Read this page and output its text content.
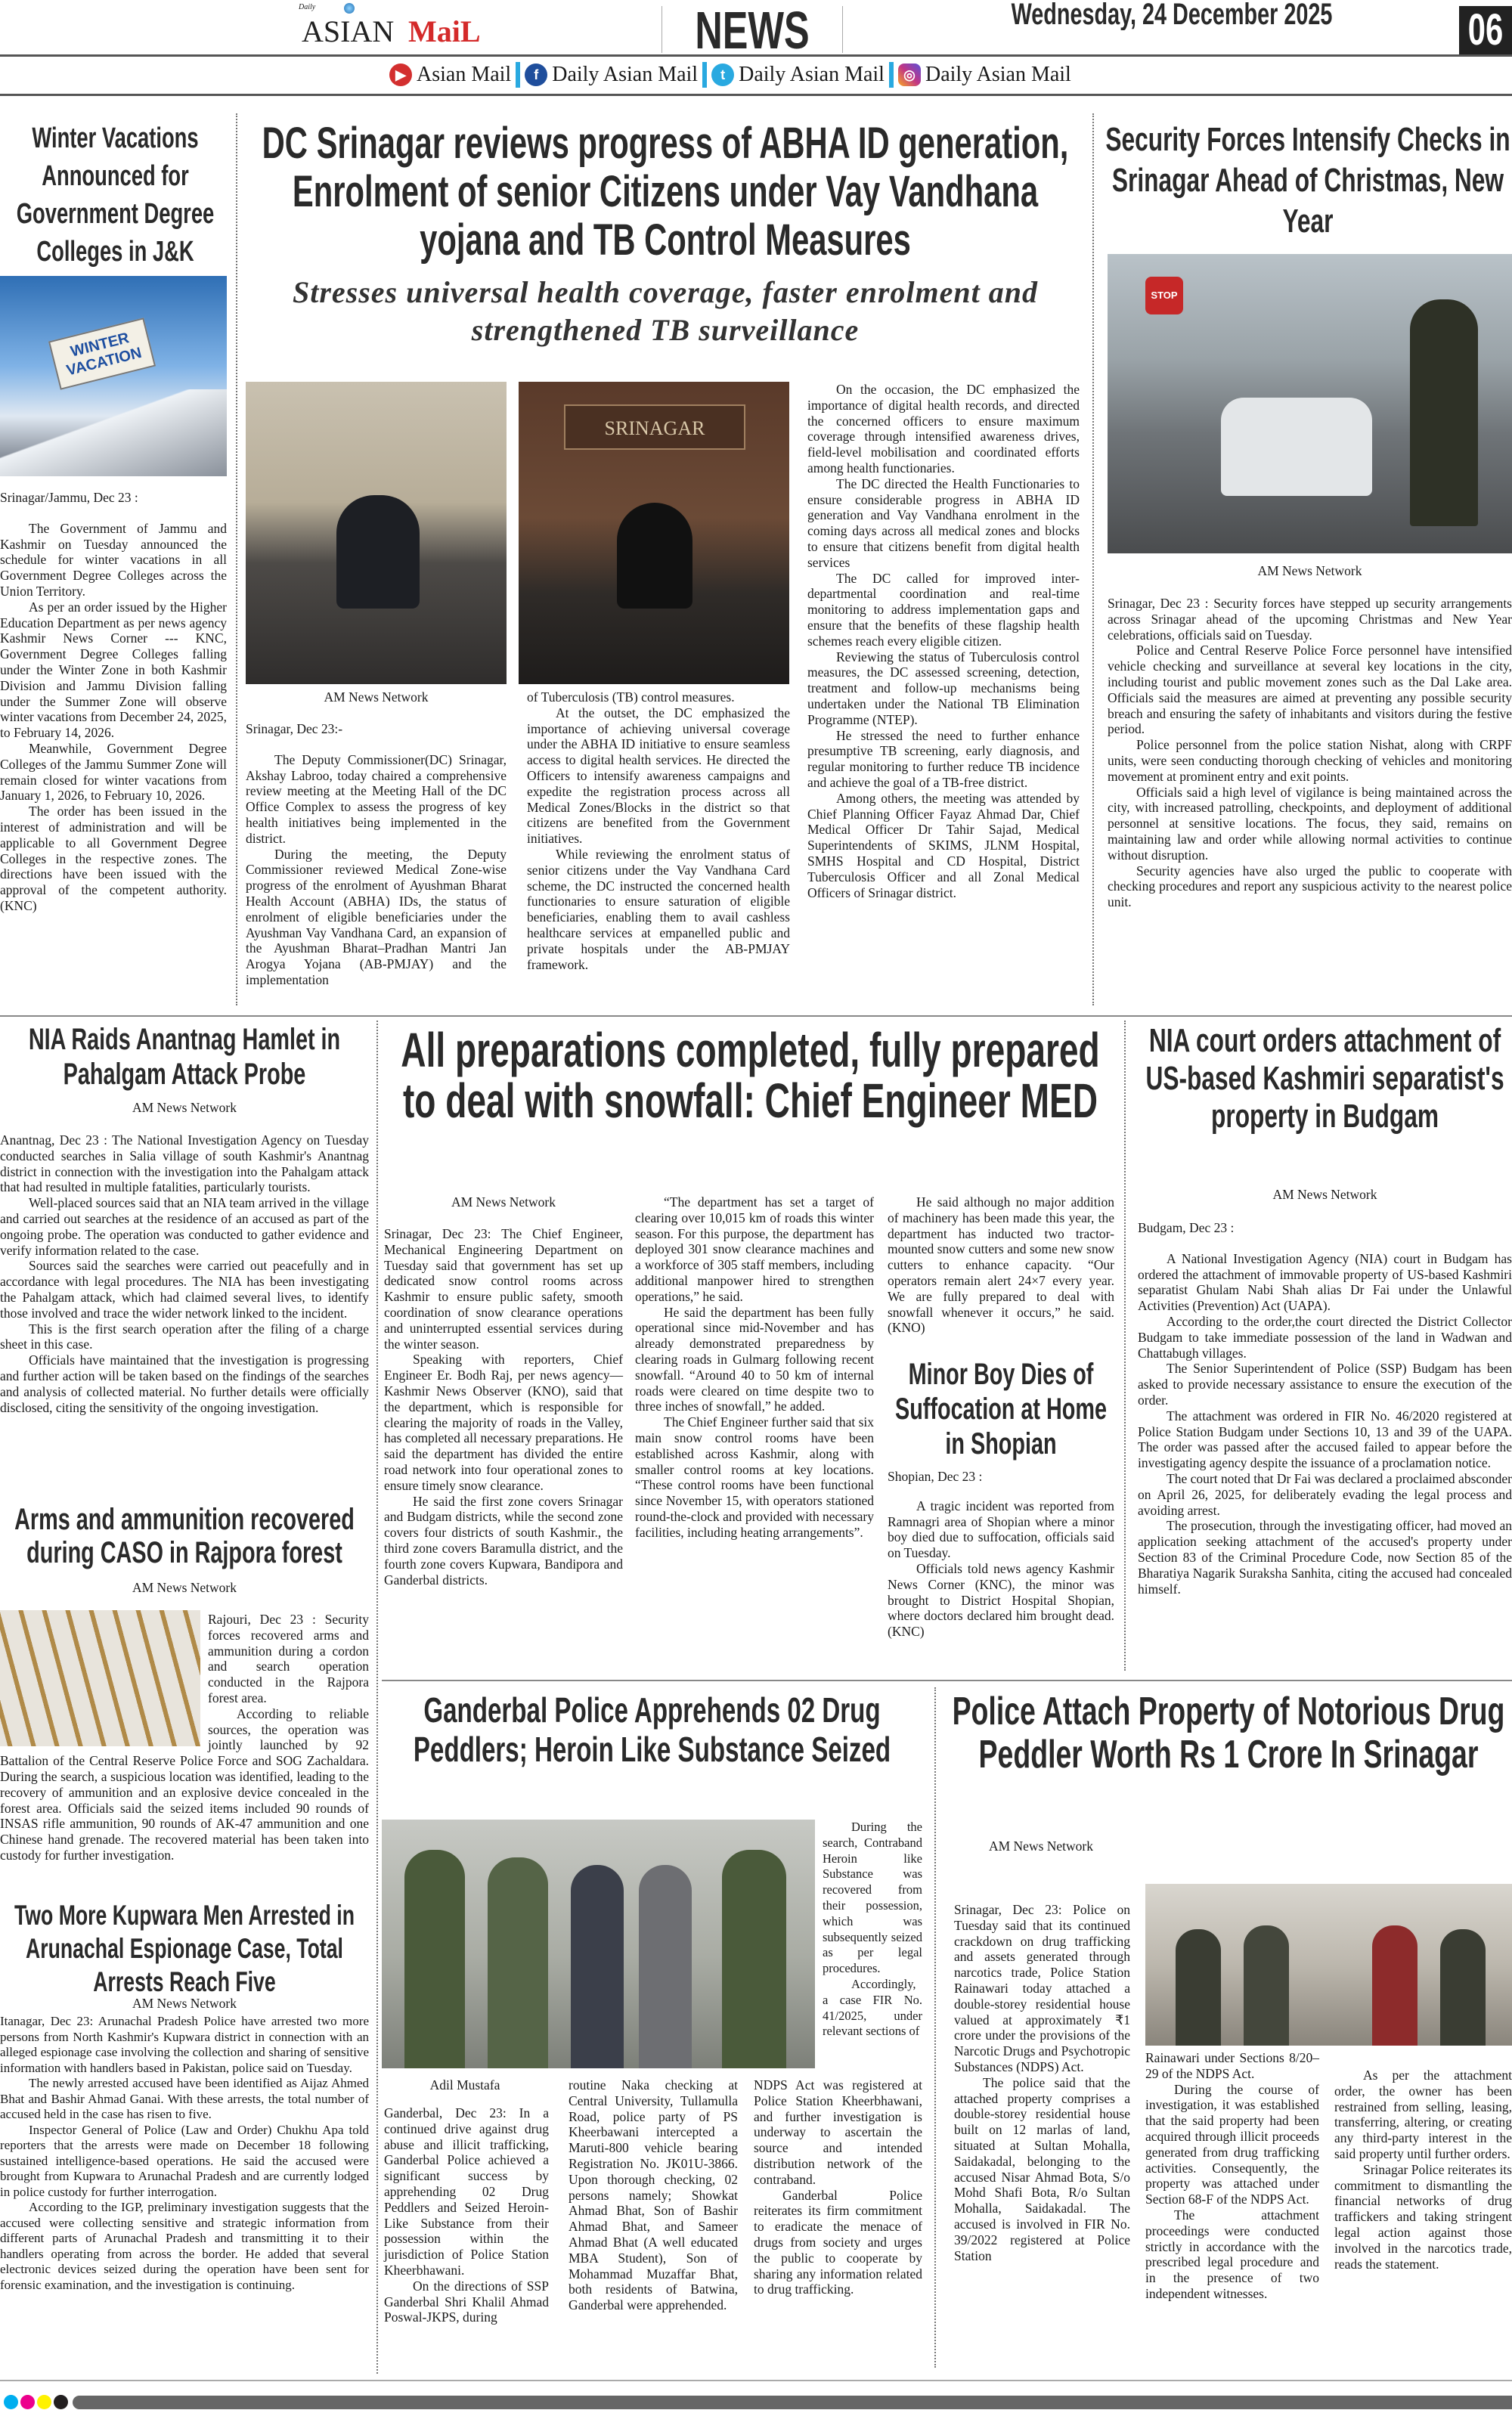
Daily
ASIAN MaiL	NEWS	Wednesday, 24 December 2025	06
▶ Asian Mail	f Daily Asian Mail	t Daily Asian Mail	◎ Daily Asian Mail
Winter Vacations Announced for Government Degree Colleges in J&K
WINTER VACATION

Srinagar/Jammu, Dec 23 :

The Government of Jammu and Kashmir on Tuesday announced the schedule for winter vacations in all Government Degree Colleges across the Union Territory.

As per an order issued by the Higher Education Department as per news agency Kashmir News Corner --- KNC, Government Degree Colleges falling under the Winter Zone in both Kashmir Division and Jammu Division falling under the Summer Zone will observe winter vacations from December 24, 2025, to February 14, 2026.

Meanwhile, Government Degree Colleges of the Jammu Summer Zone will remain closed for winter vacations from January 1, 2026, to February 10, 2026.

The order has been issued in the interest of administration and will be applicable to all Government Degree Colleges in the respective zones. The directions have been issued with the approval of the competent authority. (KNC)

DC Srinagar reviews progress of ABHA ID generation, Enrolment of senior Citizens under Vay Vandhana yojana and TB Control Measures
Stresses universal health coverage, faster enrolment and strengthened TB surveillance
SRINAGAR
AM News Network

Srinagar, Dec 23:-

The Deputy Commissioner(DC) Srinagar, Akshay Labroo, today chaired a comprehensive review meeting at the Meeting Hall of the DC Office Complex to assess the progress of key health initiatives being implemented in the district.

During the meeting, the Deputy Commissioner reviewed Medical Zone-wise progress of the enrolment of Ayushman Bharat Health Account (ABHA) IDs, the status of enrolment of eligible beneficiaries under the Ayushman Vay Vandhana Card, an expansion of the Ayushman Bharat–Pradhan Mantri Jan Arogya Yojana (AB-PMJAY) and the implementation

of Tuberculosis (TB) control measures.

At the outset, the DC emphasized the importance of achieving universal coverage under the ABHA ID initiative to ensure seamless access to digital health services. He directed the Officers to intensify awareness campaigns and expedite the registration process across all Medical Zones/Blocks in the district so that citizens are benefited from the Government initiatives.

While reviewing the enrolment status of senior citizens under the Vay Vandhana Card scheme, the DC instructed the concerned health functionaries to ensure saturation of eligible beneficiaries, enabling them to avail cashless healthcare services at empanelled public and private hospitals under the AB-PMJAY framework.

On the occasion, the DC emphasized the importance of digital health records, and directed the concerned officers to ensure maximum coverage through intensified awareness drives, field-level mobilisation and coordinated efforts among health functionaries.

The DC directed the Health Functionaries to ensure considerable progress in ABHA ID generation and Vay Vandhana enrolment in the coming days across all medical zones and blocks to ensure that citizens benefit from digital health services

The DC called for improved inter-departmental coordination and real-time monitoring to address implementation gaps and ensure that the benefits of these flagship health schemes reach every eligible citizen.

Reviewing the status of Tuberculosis control measures, the DC assessed screening, detection, treatment and follow-up mechanisms being undertaken under the National TB Elimination Programme (NTEP).

He stressed the need to further enhance presumptive TB screening, early diagnosis, and regular monitoring to further reduce TB incidence and achieve the goal of a TB-free district.

Among others, the meeting was attended by Chief Planning Officer Fayaz Ahmad Dar, Chief Medical Officer Dr Tahir Sajad, Medical Superintendents of SKIMS, JLNM Hospital, SMHS Hospital and CD Hospital, District Tuberculosis Officer and all Zonal Medical Officers of Srinagar district.

Security Forces Intensify Checks in Srinagar Ahead of Christmas, New Year
STOP
AM News Network

Srinagar, Dec 23 : Security forces have stepped up security arrangements across Srinagar ahead of the upcoming Christmas and New Year celebrations, officials said on Tuesday.

Police and Central Reserve Police Force personnel have intensified vehicle checking and surveillance at several key locations in the city, including tourist and public movement zones such as the Dal Lake area. Officials said the measures are aimed at preventing any possible security breach and ensuring the safety of inhabitants and visitors during the festive period.

Police personnel from the police station Nishat, along with CRPF units, were seen conducting thorough checking of vehicles and monitoring movement at prominent entry and exit points.

Officials said a high level of vigilance is being maintained across the city, with increased patrolling, checkpoints, and deployment of additional personnel at sensitive locations. The focus, they said, remains on maintaining law and order while allowing normal activities to continue without disruption.

Security agencies have also urged the public to cooperate with checking procedures and report any suspicious activity to the nearest police unit.

NIA Raids Anantnag Hamlet in Pahalgam Attack Probe
AM News Network

Anantnag, Dec 23 : The National Investigation Agency on Tuesday conducted searches in Salia village of south Kashmir's Anantnag district in connection with the investigation into the Pahalgam attack that had resulted in multiple fatalities, particularly tourists.

Well-placed sources said that an NIA team arrived in the village and carried out searches at the residence of an accused as part of the ongoing probe. The operation was conducted to gather evidence and verify information related to the case.

Sources said the searches were carried out peacefully and in accordance with legal procedures. The NIA has been investigating the Pahalgam attack, which had claimed several lives, to identify those involved and trace the wider network linked to the incident.

This is the first search operation after the filing of a charge sheet in this case.

Officials have maintained that the investigation is progressing and further action will be taken based on the findings of the searches and analysis of collected material. No further details were officially disclosed, citing the sensitivity of the ongoing investigation.

Arms and ammunition recovered during CASO in Rajpora forest
AM News Network

Rajouri, Dec 23 : Security forces recovered arms and ammunition during a cordon and search operation conducted in the Rajpora forest area.

According to reliable sources, the operation was jointly launched by 92 Battalion of the Central Reserve Police Force and SOG Zachaldara. During the search, a suspicious location was identified, leading to the recovery of ammunition and an explosive device concealed in the forest area. Officials said the seized items included 90 rounds of INSAS rifle ammunition, 90 rounds of AK-47 ammunition and one Chinese hand grenade. The recovered material has been taken into custody for further investigation.

Two More Kupwara Men Arrested in Arunachal Espionage Case, Total Arrests Reach Five
AM News Network

Itanagar, Dec 23: Arunachal Pradesh Police have arrested two more persons from North Kashmir's Kupwara district in connection with an alleged espionage case involving the collection and sharing of sensitive information with handlers based in Pakistan, police said on Tuesday.

The newly arrested accused have been identified as Aijaz Ahmed Bhat and Bashir Ahmad Ganai. With these arrests, the total number of accused held in the case has risen to five.

Inspector General of Police (Law and Order) Chukhu Apa told reporters that the arrests were made on December 18 following sustained intelligence-based operations. He said the accused were brought from Kupwara to Arunachal Pradesh and are currently lodged in police custody for further interrogation.

According to the IGP, preliminary investigation suggests that the accused were collecting sensitive and strategic information from different parts of Arunachal Pradesh and transmitting it to their handlers operating from across the border. He added that several electronic devices seized during the operation have been sent for forensic examination, and the investigation is continuing.

All preparations completed, fully prepared to deal with snowfall: Chief Engineer MED
AM News Network

Srinagar, Dec 23: The Chief Engineer, Mechanical Engineering Department on Tuesday said that government has set up dedicated snow control rooms across Kashmir to ensure public safety, smooth coordination of snow clearance operations and uninterrupted essential services during the winter season.

Speaking with reporters, Chief Engineer Er. Bodh Raj, per news agency—Kashmir News Observer (KNO), said that the department, which is responsible for clearing the majority of roads in the Valley, has completed all necessary preparations. He said the department has divided the entire road network into four operational zones to ensure timely snow clearance.

He said the first zone covers Srinagar and Budgam districts, while the second zone covers four districts of south Kashmir., the third zone covers Baramulla district, and the fourth zone covers Kupwara, Bandipora and Ganderbal districts.

“The department has set a target of clearing over 10,015 km of roads this winter season. For this purpose, the department has deployed 301 snow clearance machines and a workforce of 305 staff members, including additional manpower hired to strengthen operations,” he said.

He said the department has been fully operational since mid-November and has already demonstrated preparedness by clearing roads in Gulmarg following recent snowfall. “Around 40 to 50 km of internal roads were cleared on time despite two to three inches of snowfall,” he added.

The Chief Engineer further said that six main snow control rooms have been established across Kashmir, along with smaller control rooms at key locations. “These control rooms have been functional since November 15, with operators stationed round-the-clock and provided with necessary facilities, including heating arrangements”.

He said although no major addition of machinery has been made this year, the department has inducted two tractor-mounted snow cutters and some new snow cutters to enhance capacity. “Our operators remain alert 24×7 every year. We are fully prepared to deal with snowfall whenever it occurs,” he said. (KNO)

Minor Boy Dies of Suffocation at Home in Shopian

Shopian, Dec 23 :

A tragic incident was reported from Ramnagri area of Shopian where a minor boy died due to suffocation, officials said on Tuesday.

Officials told news agency Kashmir News Corner (KNC), the minor was brought to District Hospital Shopian, where doctors declared him brought dead. (KNC)

NIA court orders attachment of US-based Kashmiri separatist's property in Budgam
AM News Network

Budgam, Dec 23 :

A National Investigation Agency (NIA) court in Budgam has ordered the attachment of immovable property of US-based Kashmiri separatist Ghulam Nabi Shah alias Dr Fai under the Unlawful Activities (Prevention) Act (UAPA).

According to the order,the court directed the District Collector Budgam to take immediate possession of the land in Wadwan and Chattabugh villages.

The Senior Superintendent of Police (SSP) Budgam has been asked to provide necessary assistance to ensure the execution of the order.

The attachment was ordered in FIR No. 46/2020 registered at Police Station Budgam under Sections 10, 13 and 39 of the UAPA. The order was passed after the accused failed to appear before the investigating agency despite the issuance of a proclamation notice.

The court noted that Dr Fai was declared a proclaimed absconder on April 26, 2025, for deliberately evading the legal process and avoiding arrest.

The prosecution, through the investigating officer, had moved an application seeking attachment of the accused's property under Section 83 of the Criminal Procedure Code, now Section 85 of the Bharatiya Nagarik Suraksha Sanhita, citing the accused had concealed himself.

Ganderbal Police Apprehends 02 Drug Peddlers; Heroin Like Substance Seized

During the search, Contraband Heroin like Substance was recovered from their possession, which was subsequently seized as per legal procedures.

Accordingly, a case FIR No. 41/2025, under relevant sections of

Adil Mustafa

Ganderbal, Dec 23: In a continued drive against drug abuse and illicit trafficking, Ganderbal Police achieved a significant success by apprehending 02 Drug Peddlers and Seized Heroin-Like Substance from their possession within the jurisdiction of Police Station Kheerbhawani.

On the directions of SSP Ganderbal Shri Khalil Ahmad Poswal-JKPS, during

routine Naka checking at Central University, Tullamulla Road, police party of PS Kheerbawani intercepted a Maruti-800 vehicle bearing Registration No. JK01U-3866. Upon thorough checking, 02 persons namely; Showkat Ahmad Bhat, Son of Bashir Ahmad Bhat, and Sameer Ahmad Bhat (A well educated MBA Student), Son of Mohammad Muzaffar Bhat, both residents of Batwina, Ganderbal were apprehended.

NDPS Act was registered at Police Station Kheerbhawani, and further investigation is underway to ascertain the source and intended distribution network of the contraband.

Ganderbal Police reiterates its firm commitment to eradicate the menace of drugs from society and urges the public to cooperate by sharing any information related to drug trafficking.

Police Attach Property of Notorious Drug Peddler Worth Rs 1 Crore In Srinagar
AM News Network

Srinagar, Dec 23: Police on Tuesday said that its continued crackdown on drug trafficking and assets generated through narcotics trade, Police Station Rainawari today attached a double-storey residential house valued at approximately ₹1 crore under the provisions of the Narcotic Drugs and Psychotropic Substances (NDPS) Act.

The police said that the attached property comprises a double-storey residential house built on 12 marlas of land, situated at Sultan Mohalla, Saidakadal, belonging to the accused Nisar Ahmad Bota, S/o Mohd Shafi Bota, R/o Sultan Mohalla, Saidakadal. The accused is involved in FIR No. 39/2022 registered at Police Station

Rainawari under Sections 8/20–29 of the NDPS Act.

During the course of investigation, it was established that the said property had been acquired through illicit proceeds generated from drug trafficking activities. Consequently, the property was attached under Section 68-F of the NDPS Act.

The attachment proceedings were conducted strictly in accordance with the prescribed legal procedure and in the presence of two independent witnesses.

As per the attachment order, the owner has been restrained from selling, leasing, transferring, altering, or creating any third-party interest in the said property until further orders.

Srinagar Police reiterates its commitment to dismantling the financial networks of drug traffickers and taking stringent legal action against those involved in the narcotics trade, reads the statement.
